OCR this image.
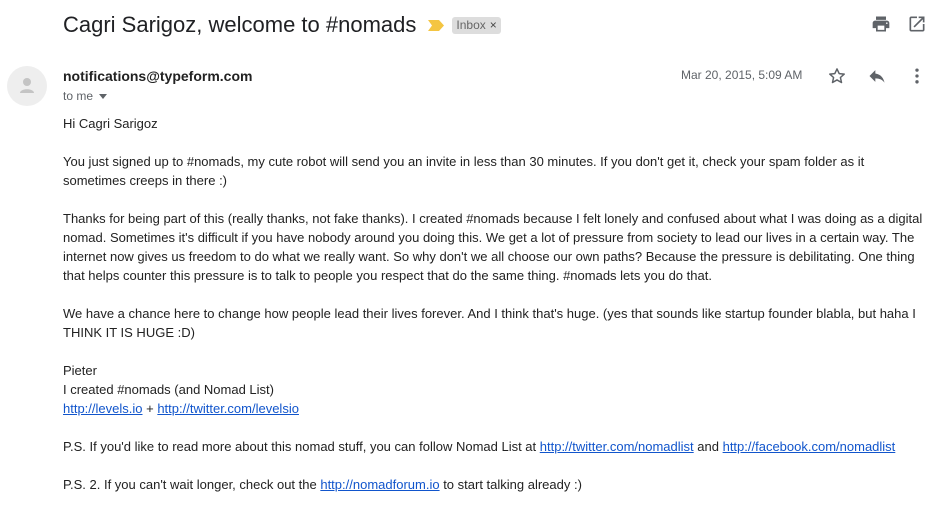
Cagri Sarigoz, welcome to #nomads	Inbox ×
notifications@typeform.com
to me
Mar 20, 2015, 5:09 AM

Hi Cagri Sarigoz

You just signed up to #nomads, my cute robot will send you an invite in less than 30 minutes. If you don't get it, check your spam folder as it sometimes creeps in there :)

Thanks for being part of this (really thanks, not fake thanks). I created #nomads because I felt lonely and confused about what I was doing as a digital nomad. Sometimes it's difficult if you have nobody around you doing this. We get a lot of pressure from society to lead our lives in a certain way. The internet now gives us freedom to do what we really want. So why don't we all choose our own paths? Because the pressure is debilitating. One thing that helps counter this pressure is to talk to people you respect that do the same thing. #nomads lets you do that.

We have a chance here to change how people lead their lives forever. And I think that's huge. (yes that sounds like startup founder blabla, but haha I THINK IT IS HUGE :D)

Pieter
I created #nomads (and Nomad List)
http://levels.io + http://twitter.com/levelsio

P.S. If you'd like to read more about this nomad stuff, you can follow Nomad List at http://twitter.com/nomadlist and http://facebook.com/nomadlist

P.S. 2. If you can't wait longer, check out the http://nomadforum.io to start talking already :)
